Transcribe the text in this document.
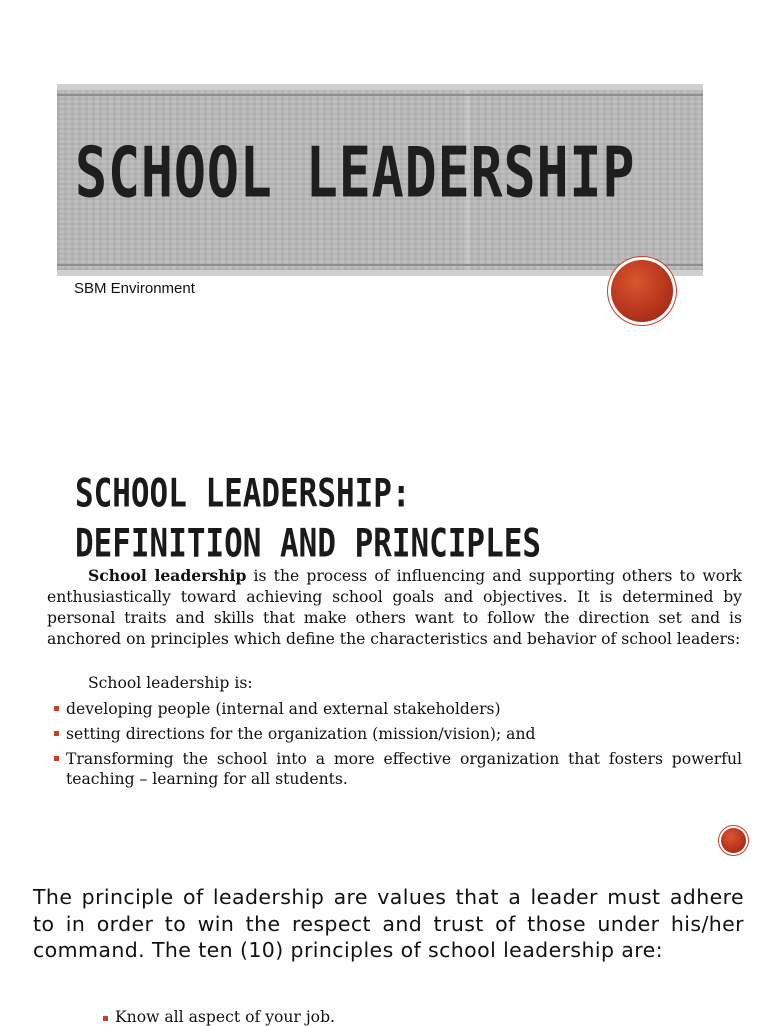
SCHOOL LEADERSHIP
SBM Environment
SCHOOL LEADERSHIP:
DEFINITION AND PRINCIPLES
School leadership is the process of influencing and supporting others to work enthusiastically toward achieving school goals and objectives. It is determined by personal traits and skills that make others want to follow the direction set and is anchored on principles which define the characteristics and behavior of school leaders:
School leadership is:
developing people (internal and external stakeholders)
setting directions for the organization (mission/vision); and
Transforming the school into a more effective organization that fosters powerful teaching – learning for all students.
The principle of leadership are values that a leader must adhere to in order to win the respect and trust of those under his/her command. The ten (10) principles of school leadership are:
Know all aspect of your job.
